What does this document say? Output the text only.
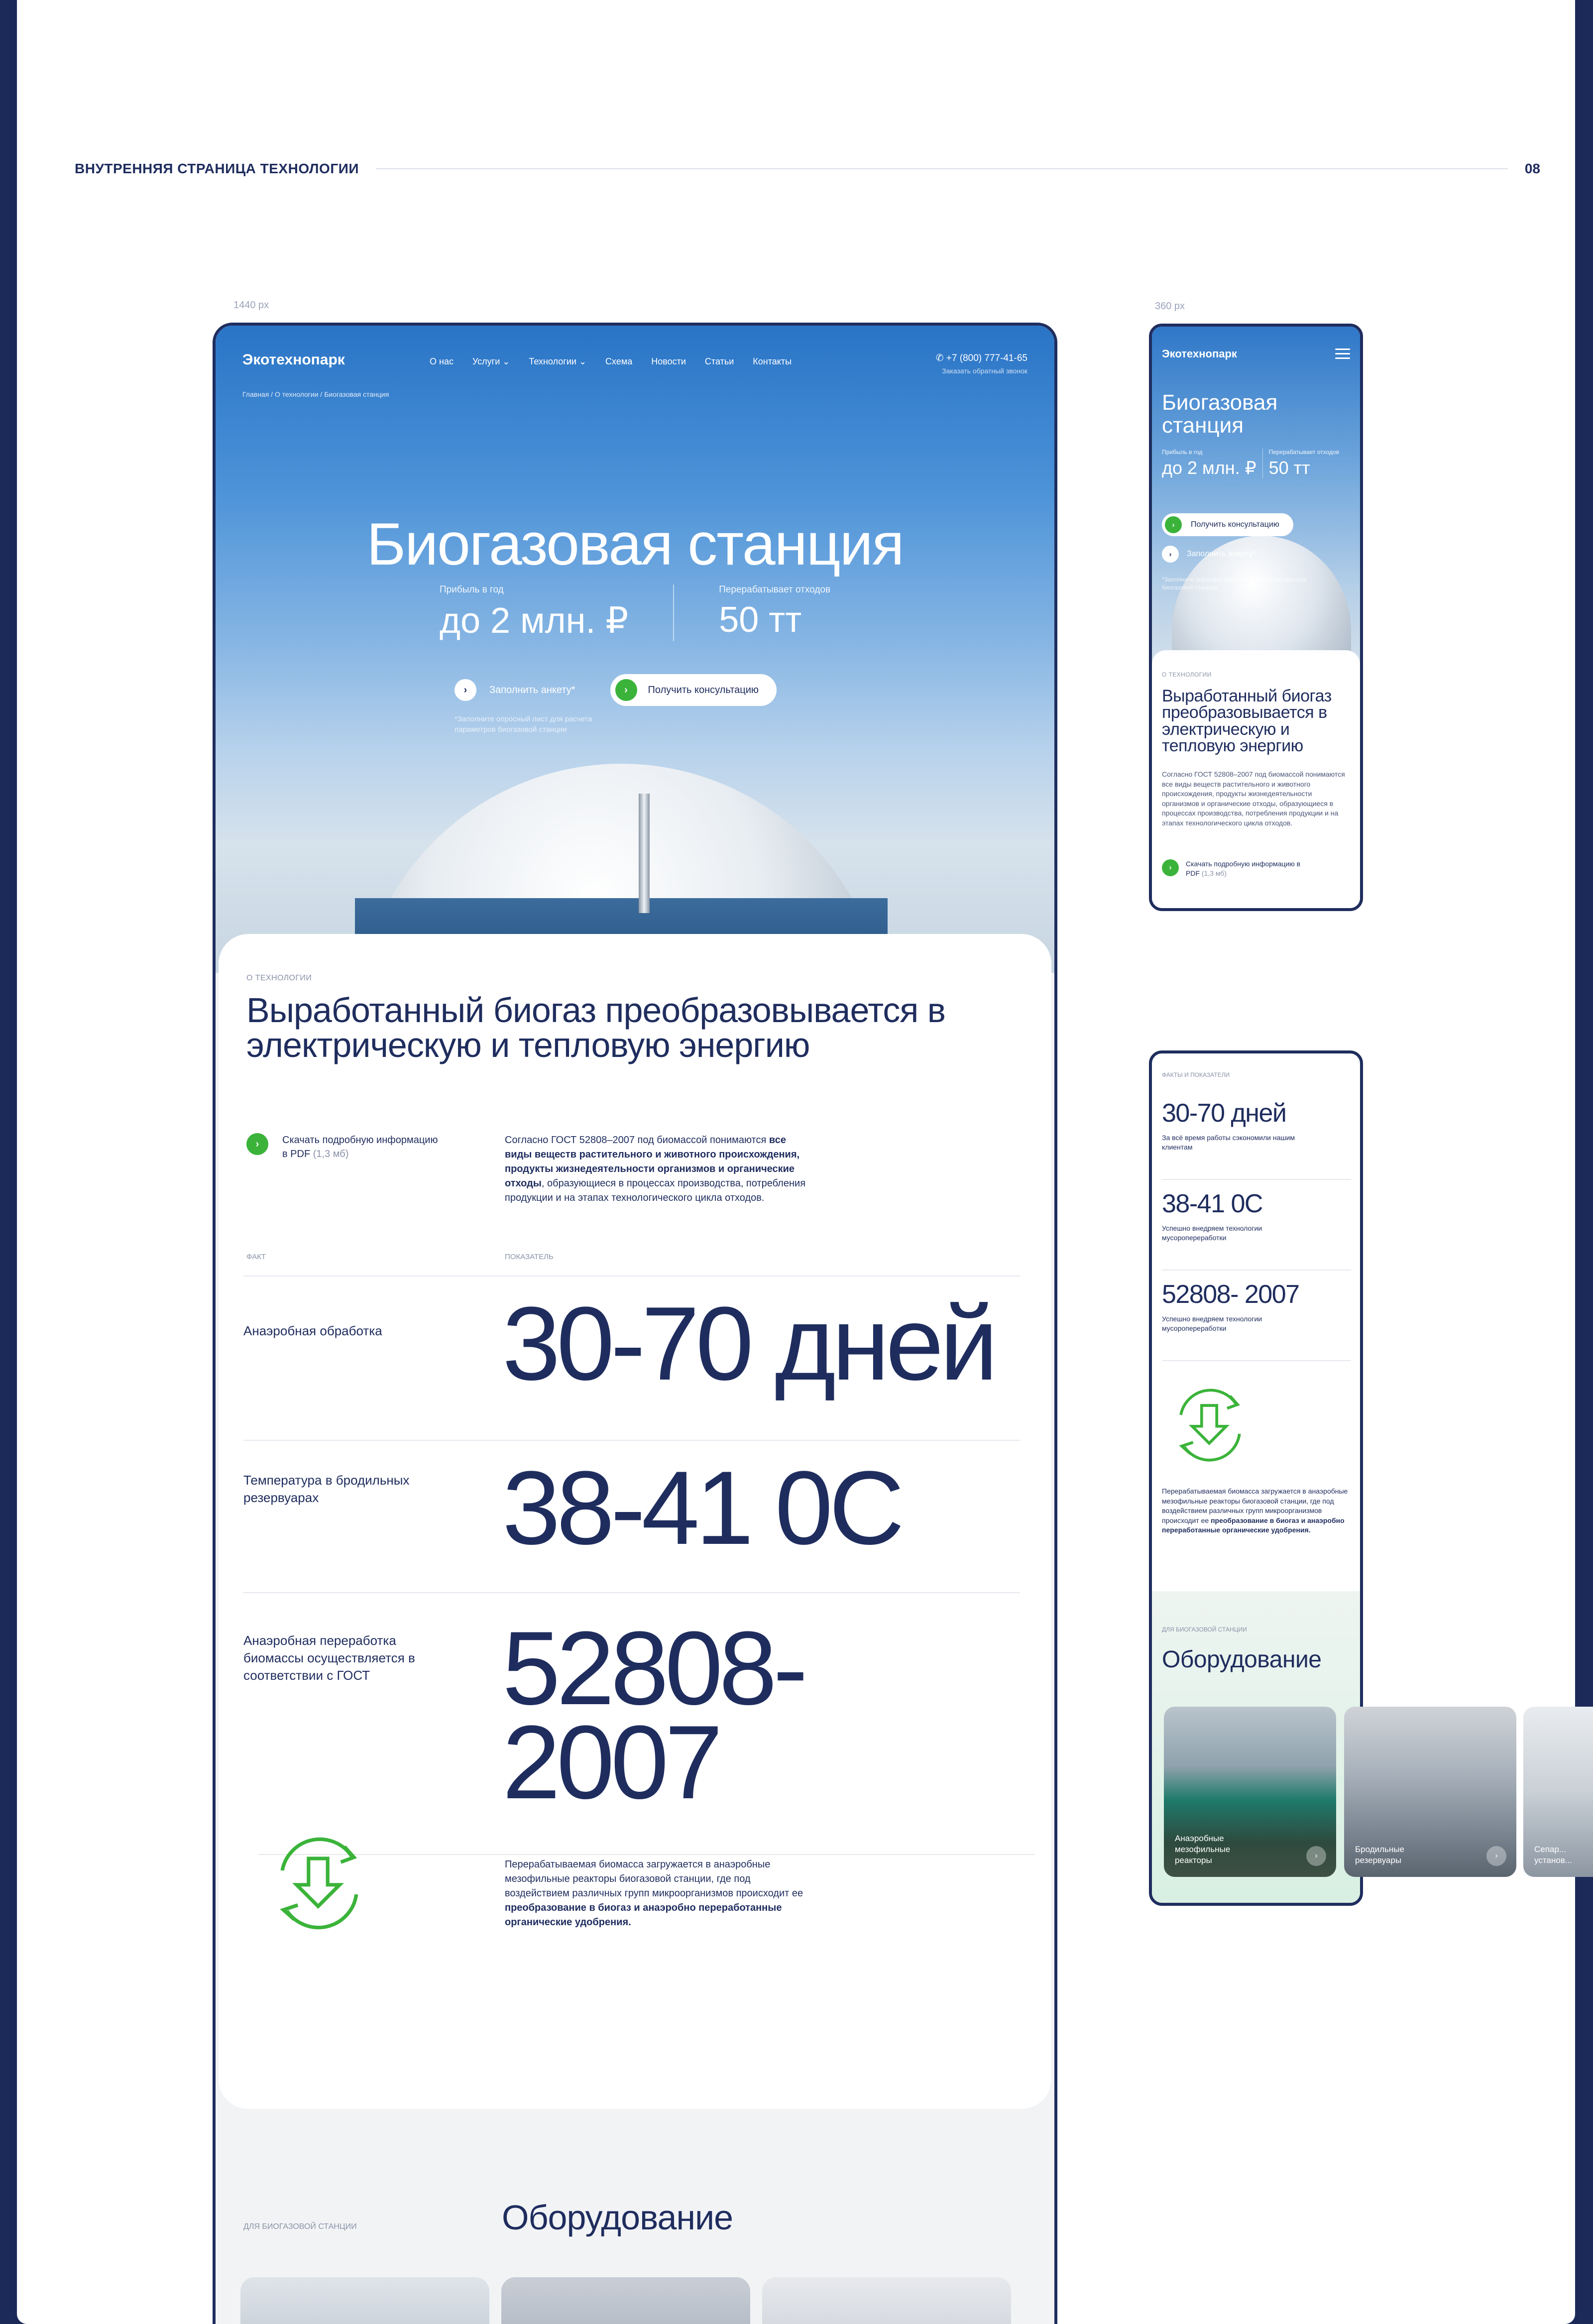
ВНУТРЕННЯЯ СТРАНИЦА ТЕХНОЛОГИИ	08
1440 px	360 px
Экотехнопарк	О нас Услуги ⌄ Технологии ⌄ Схема Новости Статьи Контакты	✆ +7 (800) 777-41-65
Заказать обратный звонок
Главная / О технологии / Биогазовая станция
Биогазовая станция
Прибыль в год
до 2 млн. ₽
Перерабатывает отходов
50 тт
›	Заполнить анкету*	›	Получить консультацию
*Заполните опросный лист для расчета параметров биогазовой станции
О ТЕХНОЛОГИИ
Выработанный биогаз преобразовывается в электрическую и тепловую энергию
›	Скачать подробную информацию в PDF (1,3 мб)
Согласно ГОСТ 52808–2007 под биомассой понимаются все виды веществ растительного и животного происхождения, продукты жизнедеятельности организмов и органические отходы, образующиеся в процессах производства, потребления продукции и на этапах технологического цикла отходов.
ФАКТ	ПОКАЗАТЕЛЬ
Анаэробная обработка	30-70 дней
Температура в бродильных резервуарах	38-41 0С
Анаэробная переработка биомассы осуществляется в соответствии с ГОСТ	52808- 2007
Перерабатываемая биомасса загружается в анаэробные мезофильные реакторы биогазовой станции, где под воздействием различных групп микроорганизмов происходит ее преобразование в биогаз и анаэробно переработанные органические удобрения.
ДЛЯ БИОГАЗОВОЙ СТАНЦИИ	Оборудование
Экотехнопарк
Биогазовая станция
Прибыль в год
до 2 млн. ₽
Перерабатывает отходов
50 тт
›	Получить консультацию
›	Заполнить анкету*
*Заполните опросный лист для расчета параметров биогазовой станции
О ТЕХНОЛОГИИ
Выработанный биогаз преобразовывается в электрическую и тепловую энергию
Согласно ГОСТ 52808–2007 под биомассой понимаются все виды веществ растительного и животного происхождения, продукты жизнедеятельности организмов и органические отходы, образующиеся в процессах производства, потребления продукции и на этапах технологического цикла отходов.
›	Скачать подробную информацию в PDF (1,3 мб)
ФАКТЫ И ПОКАЗАТЕЛИ
30-70 дней
За всё время работы сэкономили нашим клиентам
38-41 0С
Успешно внедряем технологии мусоропереработки
52808- 2007
Успешно внедряем технологии мусоропереработки
Перерабатываемая биомасса загружается в анаэробные мезофильные реакторы биогазовой станции, где под воздействием различных групп микроорганизмов происходит ее преобразование в биогаз и анаэробно переработанные органические удобрения.
ДЛЯ БИОГАЗОВОЙ СТАНЦИИ
Оборудование
Анаэробные мезофильные реакторы	›
Бродильные резервуары	›
Сепар... установ...
